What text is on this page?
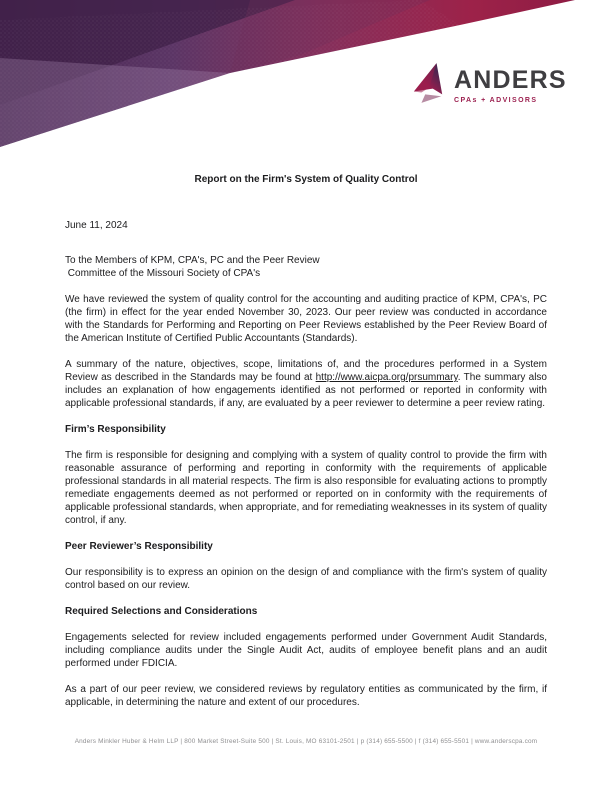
ANDERS
CPAs + ADVISORS
Report on the Firm's System of Quality Control
June 11, 2024
To the Members of KPM, CPA's, PC and the Peer Review
Committee of the Missouri Society of CPA's

We have reviewed the system of quality control for the accounting and auditing practice of KPM, CPA's, PC (the firm) in effect for the year ended November 30, 2023. Our peer review was conducted in accordance with the Standards for Performing and Reporting on Peer Reviews established by the Peer Review Board of the American Institute of Certified Public Accountants (Standards).

A summary of the nature, objectives, scope, limitations of, and the procedures performed in a System Review as described in the Standards may be found at http://www.aicpa.org/prsummary. The summary also includes an explanation of how engagements identified as not performed or reported in conformity with applicable professional standards, if any, are evaluated by a peer reviewer to determine a peer review rating.

Firm’s Responsibility

The firm is responsible for designing and complying with a system of quality control to provide the firm with reasonable assurance of performing and reporting in conformity with the requirements of applicable professional standards in all material respects. The firm is also responsible for evaluating actions to promptly remediate engagements deemed as not performed or reported on in conformity with the requirements of applicable professional standards, when appropriate, and for remediating weaknesses in its system of quality control, if any.

Peer Reviewer’s Responsibility

Our responsibility is to express an opinion on the design of and compliance with the firm's system of quality control based on our review.

Required Selections and Considerations

Engagements selected for review included engagements performed under Government Audit Standards, including compliance audits under the Single Audit Act, audits of employee benefit plans and an audit performed under FDICIA.

As a part of our peer review, we considered reviews by regulatory entities as communicated by the firm, if applicable, in determining the nature and extent of our procedures.

Anders Minkler Huber & Helm LLP | 800 Market Street-Suite 500 | St. Louis, MO 63101-2501 | p (314) 655-5500 | f (314) 655-5501 | www.anderscpa.com
